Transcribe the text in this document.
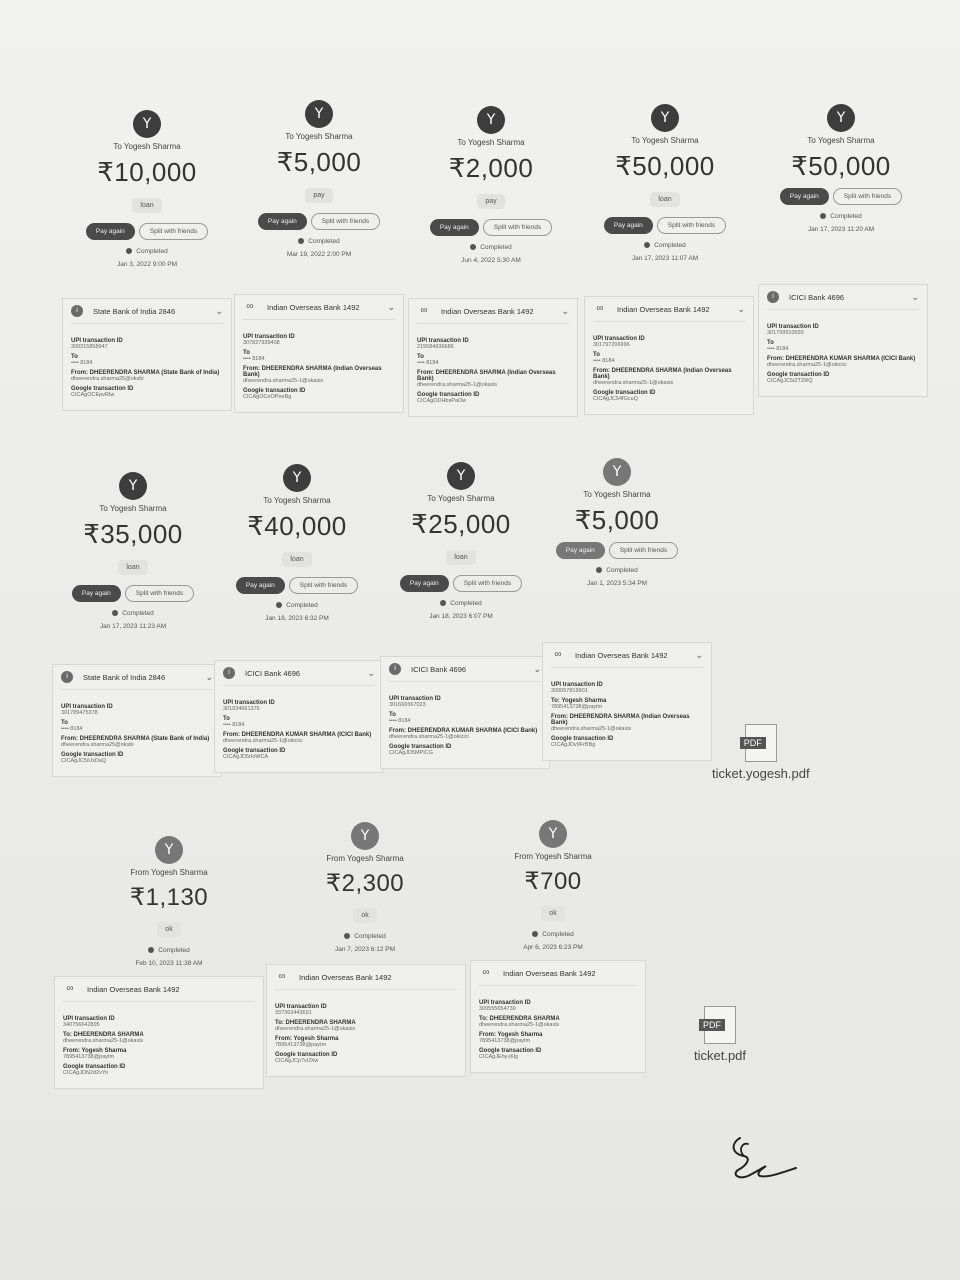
Y
To Yogesh Sharma
₹10,000
loan
Pay again	Split with friends
Completed
Jan 3, 2022 9:00 PM
Y
To Yogesh Sharma
₹5,000
pay
Pay again	Split with friends
Completed
Mar 19, 2022 2:00 PM
Y
To Yogesh Sharma
₹2,000
pay
Pay again	Split with friends
Completed
Jun 4, 2022 5:30 AM
Y
To Yogesh Sharma
₹50,000
loan
Pay again	Split with friends
Completed
Jan 17, 2023 11:07 AM
Y
To Yogesh Sharma
₹50,000
Pay again	Split with friends
Completed
Jan 17, 2023 11:20 AM
i	State Bank of India 2846	⌄
UPI transaction ID
300315858947
To
•••• 8184
From: DHEERENDRA SHARMA (State Bank of India)
dheerendra.sharma25@oksbi
Google transaction ID
CICAgOCEpvRIw
∞	Indian Overseas Bank 1492	⌄
UPI transaction ID
307827939408
To
•••• 8184
From: DHEERENDRA SHARMA (Indian Overseas Bank)
dheerendra.sharma25-1@okaxis
Google transaction ID
CICAgOCeOPeeBg
∞	Indian Overseas Bank 1492	⌄
UPI transaction ID
215584936686
To
•••• 8184
From: DHEERENDRA SHARMA (Indian Overseas Bank)
dheerendra.sharma25-1@okaxis
Google transaction ID
CICAgODHbsPaOw
∞	Indian Overseas Bank 1492	⌄
UPI transaction ID
301797206996
To
•••• 8184
From: DHEERENDRA SHARMA (Indian Overseas Bank)
dheerendra.sharma25-1@okaxis
Google transaction ID
CICAgJC54fGcuQ
i	ICICI Bank 4696	⌄
UPI transaction ID
301799910593
To
•••• 8184
From: DHEERENDRA KUMAR SHARMA (ICICI Bank)
dheerendra.sharma25-1@okicici
Google transaction ID
CICAgJC5iZTZRQ
Y
To Yogesh Sharma
₹35,000
loan
Pay again	Split with friends
Completed
Jan 17, 2023 11:23 AM
Y
To Yogesh Sharma
₹40,000
loan
Pay again	Split with friends
Completed
Jan 18, 2023 6:32 PM
Y
To Yogesh Sharma
₹25,000
loan
Pay again	Split with friends
Completed
Jan 18, 2023 6:07 PM
Y
To Yogesh Sharma
₹5,000
Pay again	Split with friends
Completed
Jan 1, 2023 5:34 PM
i	State Bank of India 2846	⌄
UPI transaction ID
301789475378
To
•••• 8184
From: DHEERENDRA SHARMA (State Bank of India)
dheerendra.sharma25@oksbi
Google transaction ID
CICAgJC5iUxDaQ
i	ICICI Bank 4696	⌄
UPI transaction ID
301834661376
To
•••• 8184
From: DHEERENDRA KUMAR SHARMA (ICICI Bank)
dheerendra.sharma25-1@okicici
Google transaction ID
CICAgJD5rIoWCA
i	ICICI Bank 4696	⌄
UPI transaction ID
301666567023
To
•••• 8184
From: DHEERENDRA KUMAR SHARMA (ICICI Bank)
dheerendra.sharma25-1@okicici
Google transaction ID
CICAgJD5MPICG
∞	Indian Overseas Bank 1492	⌄
UPI transaction ID
300057819901
To: Yogesh Sharma
7895413738@paytm
From: DHEERENDRA SHARMA (Indian Overseas Bank)
dheerendra.sharma25-1@okaxis
Google transaction ID
CICAgJDv9FrBBg	PDF
ticket.yogesh.pdf
Y
From Yogesh Sharma
₹1,130
ok
Completed
Feb 10, 2023 11:38 AM
Y
From Yogesh Sharma
₹2,300
ok
Completed
Jan 7, 2023 6:12 PM
Y
From Yogesh Sharma
₹700
ok
Completed
Apr 6, 2023 6:23 PM
∞	Indian Overseas Bank 1492
UPI transaction ID
340756642895
To: DHEERENDRA SHARMA
dheerendra.sharma25-1@okaxis
From: Yogesh Sharma
7895413738@paytm
Google transaction ID
CICAgJDN2d2vYo
∞	Indian Overseas Bank 1492
UPI transaction ID
337363443691
To: DHEERENDRA SHARMA
dheerendra.sharma25-1@okaxis
From: Yogesh Sharma
7895413738@paytm
Google transaction ID
CICAgJCp7vlJXw
∞	Indian Overseas Bank 1492
UPI transaction ID
309555654730
To: DHEERENDRA SHARMA
dheerendra.sharma25-1@okaxis
From: Yogesh Sharma
7895413738@paytm
Google transaction ID
CICAgJEhy-j6Ig
PDF
ticket.pdf
